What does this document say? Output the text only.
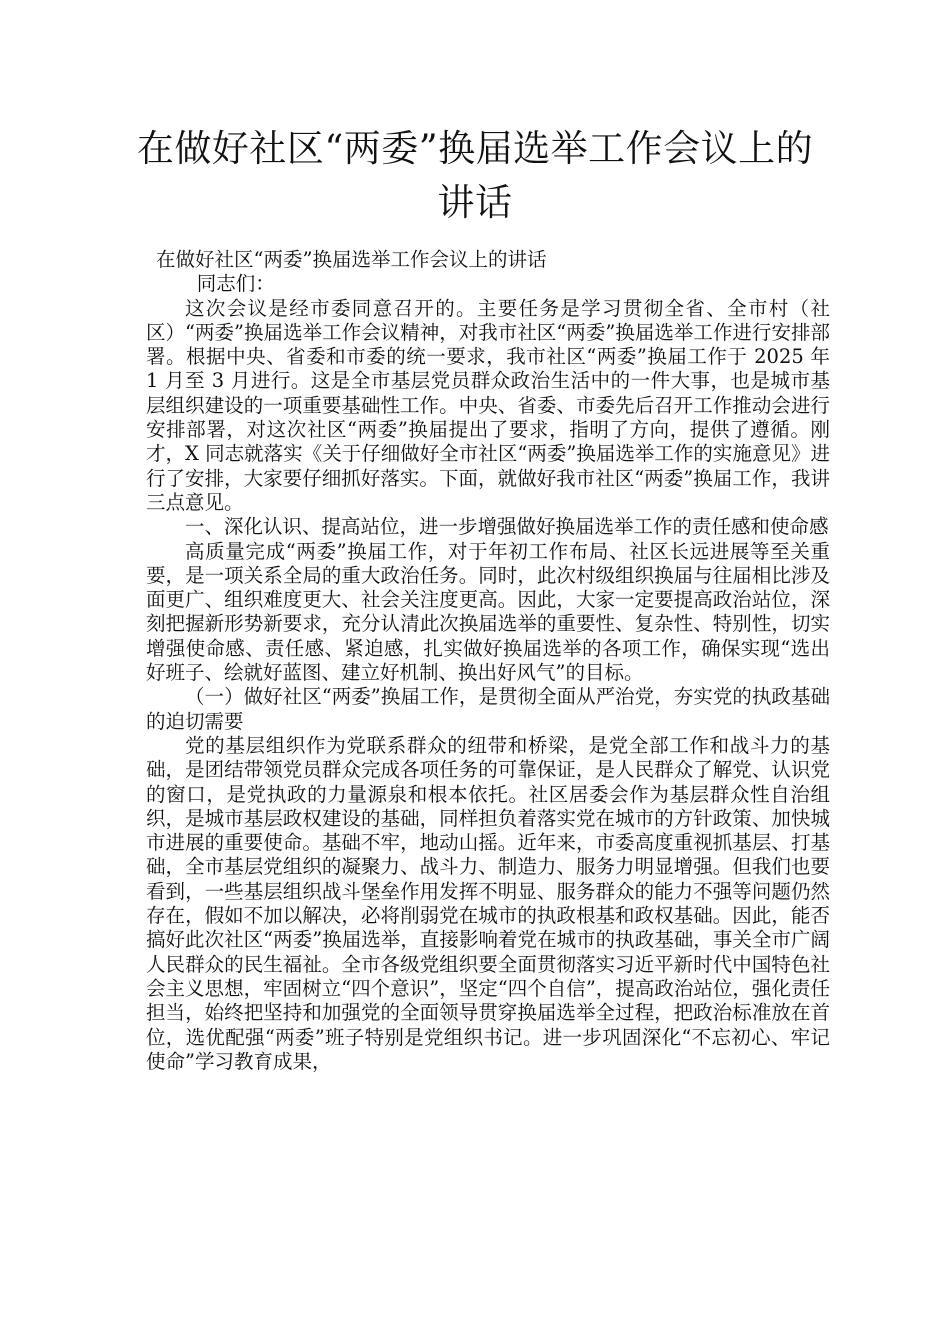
在做好社区“两委”换届选举工作会议上的讲话

在做好社区“两委”换届选举工作会议上的讲话

同志们：

这次会议是经市委同意召开的。主要任务是学习贯彻全省、全市村（社区）“两委”换届选举工作会议精神，对我市社区“两委”换届选举工作进行安排部署。根据中央、省委和市委的统一要求，我市社区“两委”换届工作于 2025 年 1 月至 3 月进行。这是全市基层党员群众政治生活中的一件大事，也是城市基层组织建设的一项重要基础性工作。中央、省委、市委先后召开工作推动会进行安排部署，对这次社区“两委”换届提出了要求，指明了方向，提供了遵循。刚才，X 同志就落实《关于仔细做好全市社区“两委”换届选举工作的实施意见》进行了安排，大家要仔细抓好落实。下面，就做好我市社区“两委”换届工作，我讲三点意见。

一、深化认识、提高站位，进一步增强做好换届选举工作的责任感和使命感

高质量完成“两委”换届工作，对于年初工作布局、社区长远进展等至关重要，是一项关系全局的重大政治任务。同时，此次村级组织换届与往届相比涉及面更广、组织难度更大、社会关注度更高。因此，大家一定要提高政治站位，深刻把握新形势新要求，充分认清此次换届选举的重要性、复杂性、特别性，切实增强使命感、责任感、紧迫感，扎实做好换届选举的各项工作，确保实现“选出好班子、绘就好蓝图、建立好机制、换出好风气”的目标。

（一）做好社区“两委”换届工作，是贯彻全面从严治党，夯实党的执政基础的迫切需要

党的基层组织作为党联系群众的纽带和桥梁，是党全部工作和战斗力的基础，是团结带领党员群众完成各项任务的可靠保证，是人民群众了解党、认识党的窗口，是党执政的力量源泉和根本依托。社区居委会作为基层群众性自治组织，是城市基层政权建设的基础，同样担负着落实党在城市的方针政策、加快城市进展的重要使命。基础不牢，地动山摇。近年来，市委高度重视抓基层、打基础，全市基层党组织的凝聚力、战斗力、制造力、服务力明显增强。但我们也要看到，一些基层组织战斗堡垒作用发挥不明显、服务群众的能力不强等问题仍然存在，假如不加以解决，必将削弱党在城市的执政根基和政权基础。因此，能否搞好此次社区“两委”换届选举，直接影响着党在城市的执政基础，事关全市广阔人民群众的民生福祉。全市各级党组织要全面贯彻落实习近平新时代中国特色社会主义思想，牢固树立“四个意识”，坚定“四个自信”，提高政治站位，强化责任担当，始终把坚持和加强党的全面领导贯穿换届选举全过程，把政治标准放在首位，选优配强“两委”班子特别是党组织书记。进一步巩固深化“不忘初心、牢记使命”学习教育成果，
